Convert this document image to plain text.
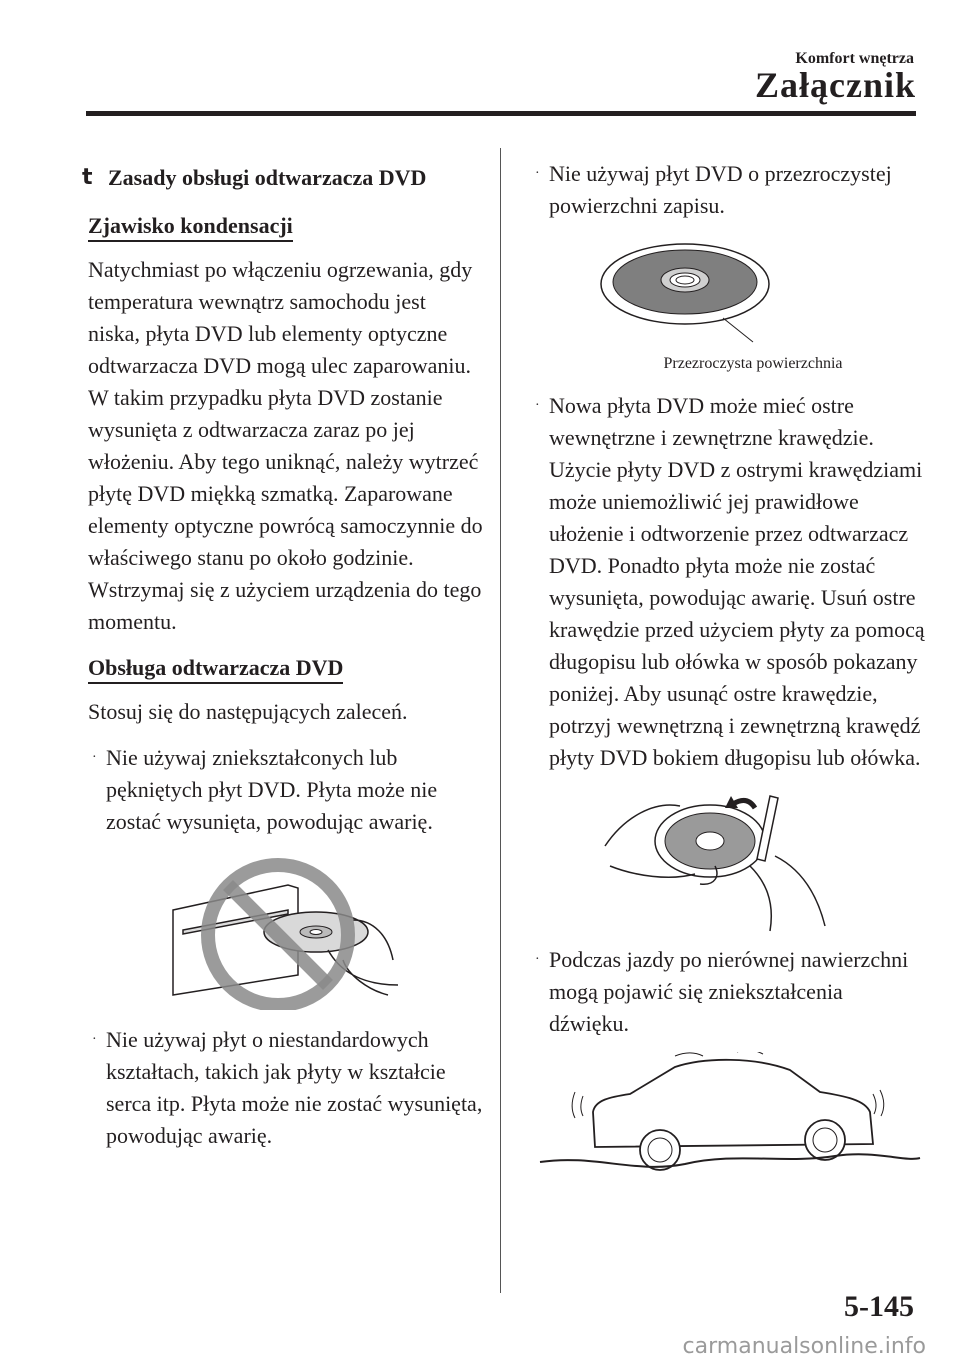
Komfort wnętrza
Załącznik
t Zasady obsługi odtwarzacza DVD
Zjawisko kondensacji

Natychmiast po włączeniu ogrzewania, gdy temperatura wewnątrz samochodu jest niska, płyta DVD lub elementy optyczne odtwarzacza DVD mogą ulec zaparowaniu. W takim przypadku płyta DVD zostanie wysunięta z odtwarzacza zaraz po jej włożeniu. Aby tego uniknąć, należy wytrzeć płytę DVD miękką szmatką. Zaparowane elementy optyczne powrócą samoczynnie do właściwego stanu po około godzinie. Wstrzymaj się z użyciem urządzenia do tego momentu.

Obsługa odtwarzacza DVD

Stosuj się do następujących zaleceń.

· Nie używaj zniekształconych lub pękniętych płyt DVD. Płyta może nie zostać wysunięta, powodując awarię.
· Nie używaj płyt o niestandardowych kształtach, takich jak płyty w kształcie serca itp. Płyta może nie zostać wysunięta, powodując awarię.
· Nie używaj płyt DVD o przezroczystej powierzchni zapisu.
Przezroczysta powierzchnia
· Nowa płyta DVD może mieć ostre wewnętrzne i zewnętrzne krawędzie. Użycie płyty DVD z ostrymi krawędziami może uniemożliwić jej prawidłowe ułożenie i odtworzenie przez odtwarzacz DVD. Ponadto płyta może nie zostać wysunięta, powodując awarię. Usuń ostre krawędzie przed użyciem płyty za pomocą długopisu lub ołówka w sposób pokazany poniżej. Aby usunąć ostre krawędzie, potrzyj wewnętrzną i zewnętrzną krawędź płyty DVD bokiem długopisu lub ołówka.
· Podczas jazdy po nierównej nawierzchni mogą pojawić się zniekształcenia dźwięku.
5-145
carmanualsonline.info
